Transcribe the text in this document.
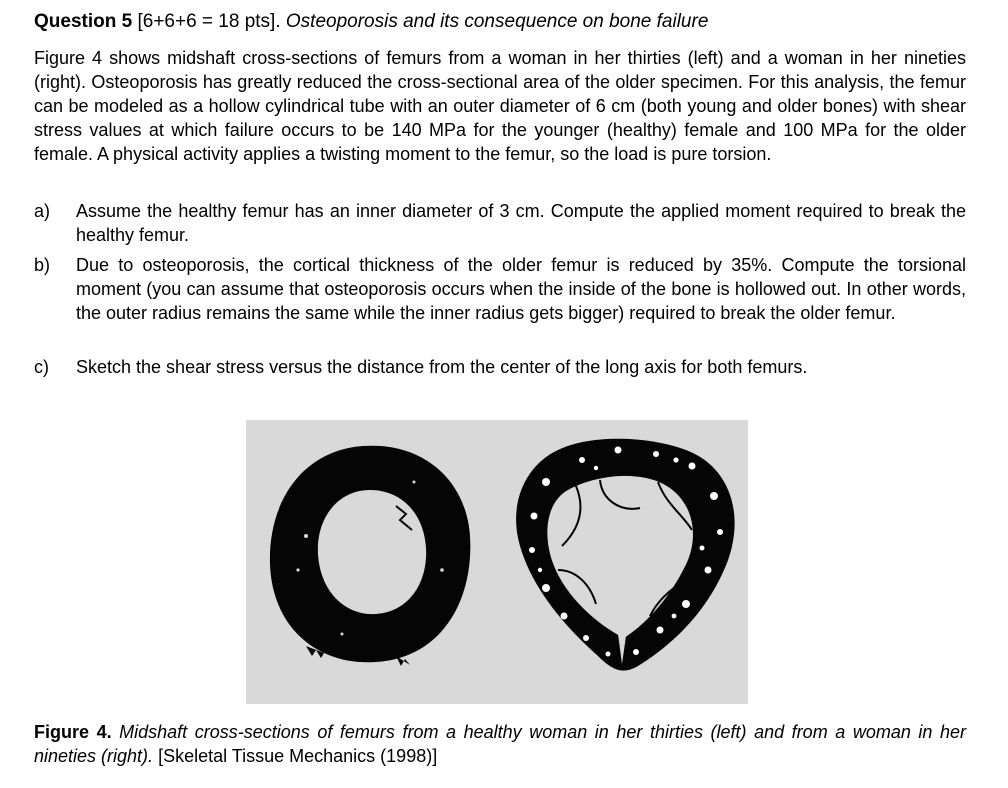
Question 5 [6+6+6 = 18 pts]. Osteoporosis and its consequence on bone failure
Figure 4 shows midshaft cross-sections of femurs from a woman in her thirties (left) and a woman in her nineties (right). Osteoporosis has greatly reduced the cross-sectional area of the older specimen. For this analysis, the femur can be modeled as a hollow cylindrical tube with an outer diameter of 6 cm (both young and older bones) with shear stress values at which failure occurs to be 140 MPa for the younger (healthy) female and 100 MPa for the older female. A physical activity applies a twisting moment to the femur, so the load is pure torsion.
a) Assume the healthy femur has an inner diameter of 3 cm. Compute the applied moment required to break the healthy femur.
b) Due to osteoporosis, the cortical thickness of the older femur is reduced by 35%. Compute the torsional moment (you can assume that osteoporosis occurs when the inside of the bone is hollowed out. In other words, the outer radius remains the same while the inner radius gets bigger) required to break the older femur.
c) Sketch the shear stress versus the distance from the center of the long axis for both femurs.
Figure 4. Midshaft cross-sections of femurs from a healthy woman in her thirties (left) and from a woman in her nineties (right). [Skeletal Tissue Mechanics (1998)]
